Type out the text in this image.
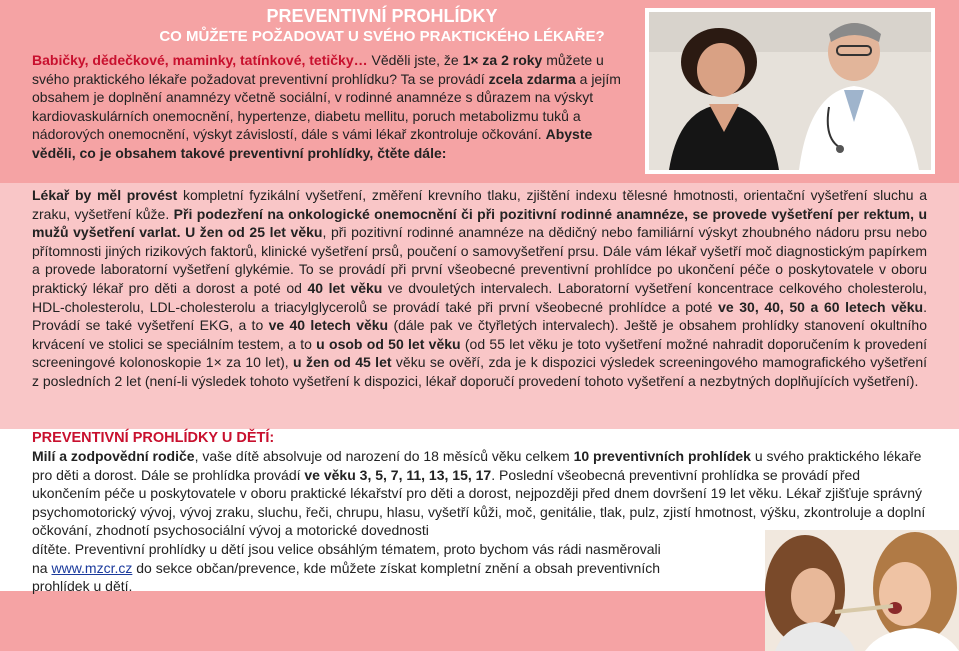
PREVENTIVNÍ PROHLÍDKY
CO MŮŽETE POŽADOVAT U SVÉHO PRAKTICKÉHO LÉKAŘE?
Babičky, dědečkové, maminky, tatínkové, tetičky… Věděli jste, že 1× za 2 roky můžete u svého praktického lékaře požadovat preventivní prohlídku? Ta se provádí zcela zdarma a jejím obsahem je doplnění anamnézy včetně sociální, v rodinné anamnéze s důrazem na výskyt kardiovaskulárních onemocnění, hypertenze, diabetu mellitu, poruch metabolizmu tuků a nádorových onemocnění, výskyt závislostí, dále s vámi lékař zkontroluje očkování. Abyste věděli, co je obsahem takové preventivní prohlídky, čtěte dále:
Lékař by měl provést kompletní fyzikální vyšetření, změření krevního tlaku, zjištění indexu tělesné hmotnosti, orientační vyšetření sluchu a zraku, vyšetření kůže. Při podezření na onkologické onemocnění či při pozitivní rodinné anamnéze, se provede vyšetření per rektum, u mužů vyšetření varlat. U žen od 25 let věku, při pozitivní rodinné anamnéze na dědičný nebo familiární výskyt zhoubného nádoru prsu nebo přítomnosti jiných rizikových faktorů, klinické vyšetření prsů, poučení o samovyšetření prsu. Dále vám lékař vyšetří moč diagnostickým papírkem a provede laboratorní vyšetření glykémie. To se provádí při první všeobecné preventivní prohlídce po ukončení péče o poskytovatele v oboru praktický lékař pro děti a dorost a poté od 40 let věku ve dvouletých intervalech. Laboratorní vyšetření koncentrace celkového cholesterolu, HDL-cholesterolu, LDL-cholesterolu a triacylglycerolů se provádí také při první všeobecné prohlídce a poté ve 30, 40, 50 a 60 letech věku. Provádí se také vyšetření EKG, a to ve 40 letech věku (dále pak ve čtyřletých intervalech). Ještě je obsahem prohlídky stanovení okultního krvácení ve stolici se speciálním testem, a to u osob od 50 let věku (od 55 let věku je toto vyšetření možné nahradit doporučením k provedení screeningové kolonoskopie 1× za 10 let), u žen od 45 let věku se ověří, zda je k dispozici výsledek screeningového mamografického vyšetření z posledních 2 let (není-li výsledek tohoto vyšetření k dispozici, lékař doporučí provedení tohoto vyšetření a nezbytných doplňujících vyšetření).
PREVENTIVNÍ PROHLÍDKY U DĚTÍ:
Milí a zodpovědní rodiče, vaše dítě absolvuje od narození do 18 měsíců věku celkem 10 preventivních prohlídek u svého praktického lékaře pro děti a dorost. Dále se prohlídka provádí ve věku 3, 5, 7, 11, 13, 15, 17. Poslední všeobecná preventivní prohlídka se provádí před ukončením péče u poskytovatele v oboru praktické lékařství pro děti a dorost, nejpozději před dnem dovršení 19 let věku. Lékař zjišťuje správný psychomotorický vývoj, vývoj zraku, sluchu, řeči, chrupu, hlasu, vyšetří kůži, moč, genitálie, tlak, pulz, zjistí hmotnost, výšku, zkontroluje a doplní očkování, zhodnotí psychosociální vývoj a motorické dovednosti
dítěte. Preventivní prohlídky u dětí jsou velice obsáhlým tématem, proto bychom vás rádi nasměrovali
na www.mzcr.cz do sekce občan/prevence, kde můžete získat kompletní znění a obsah preventivních
prohlídek u dětí.
